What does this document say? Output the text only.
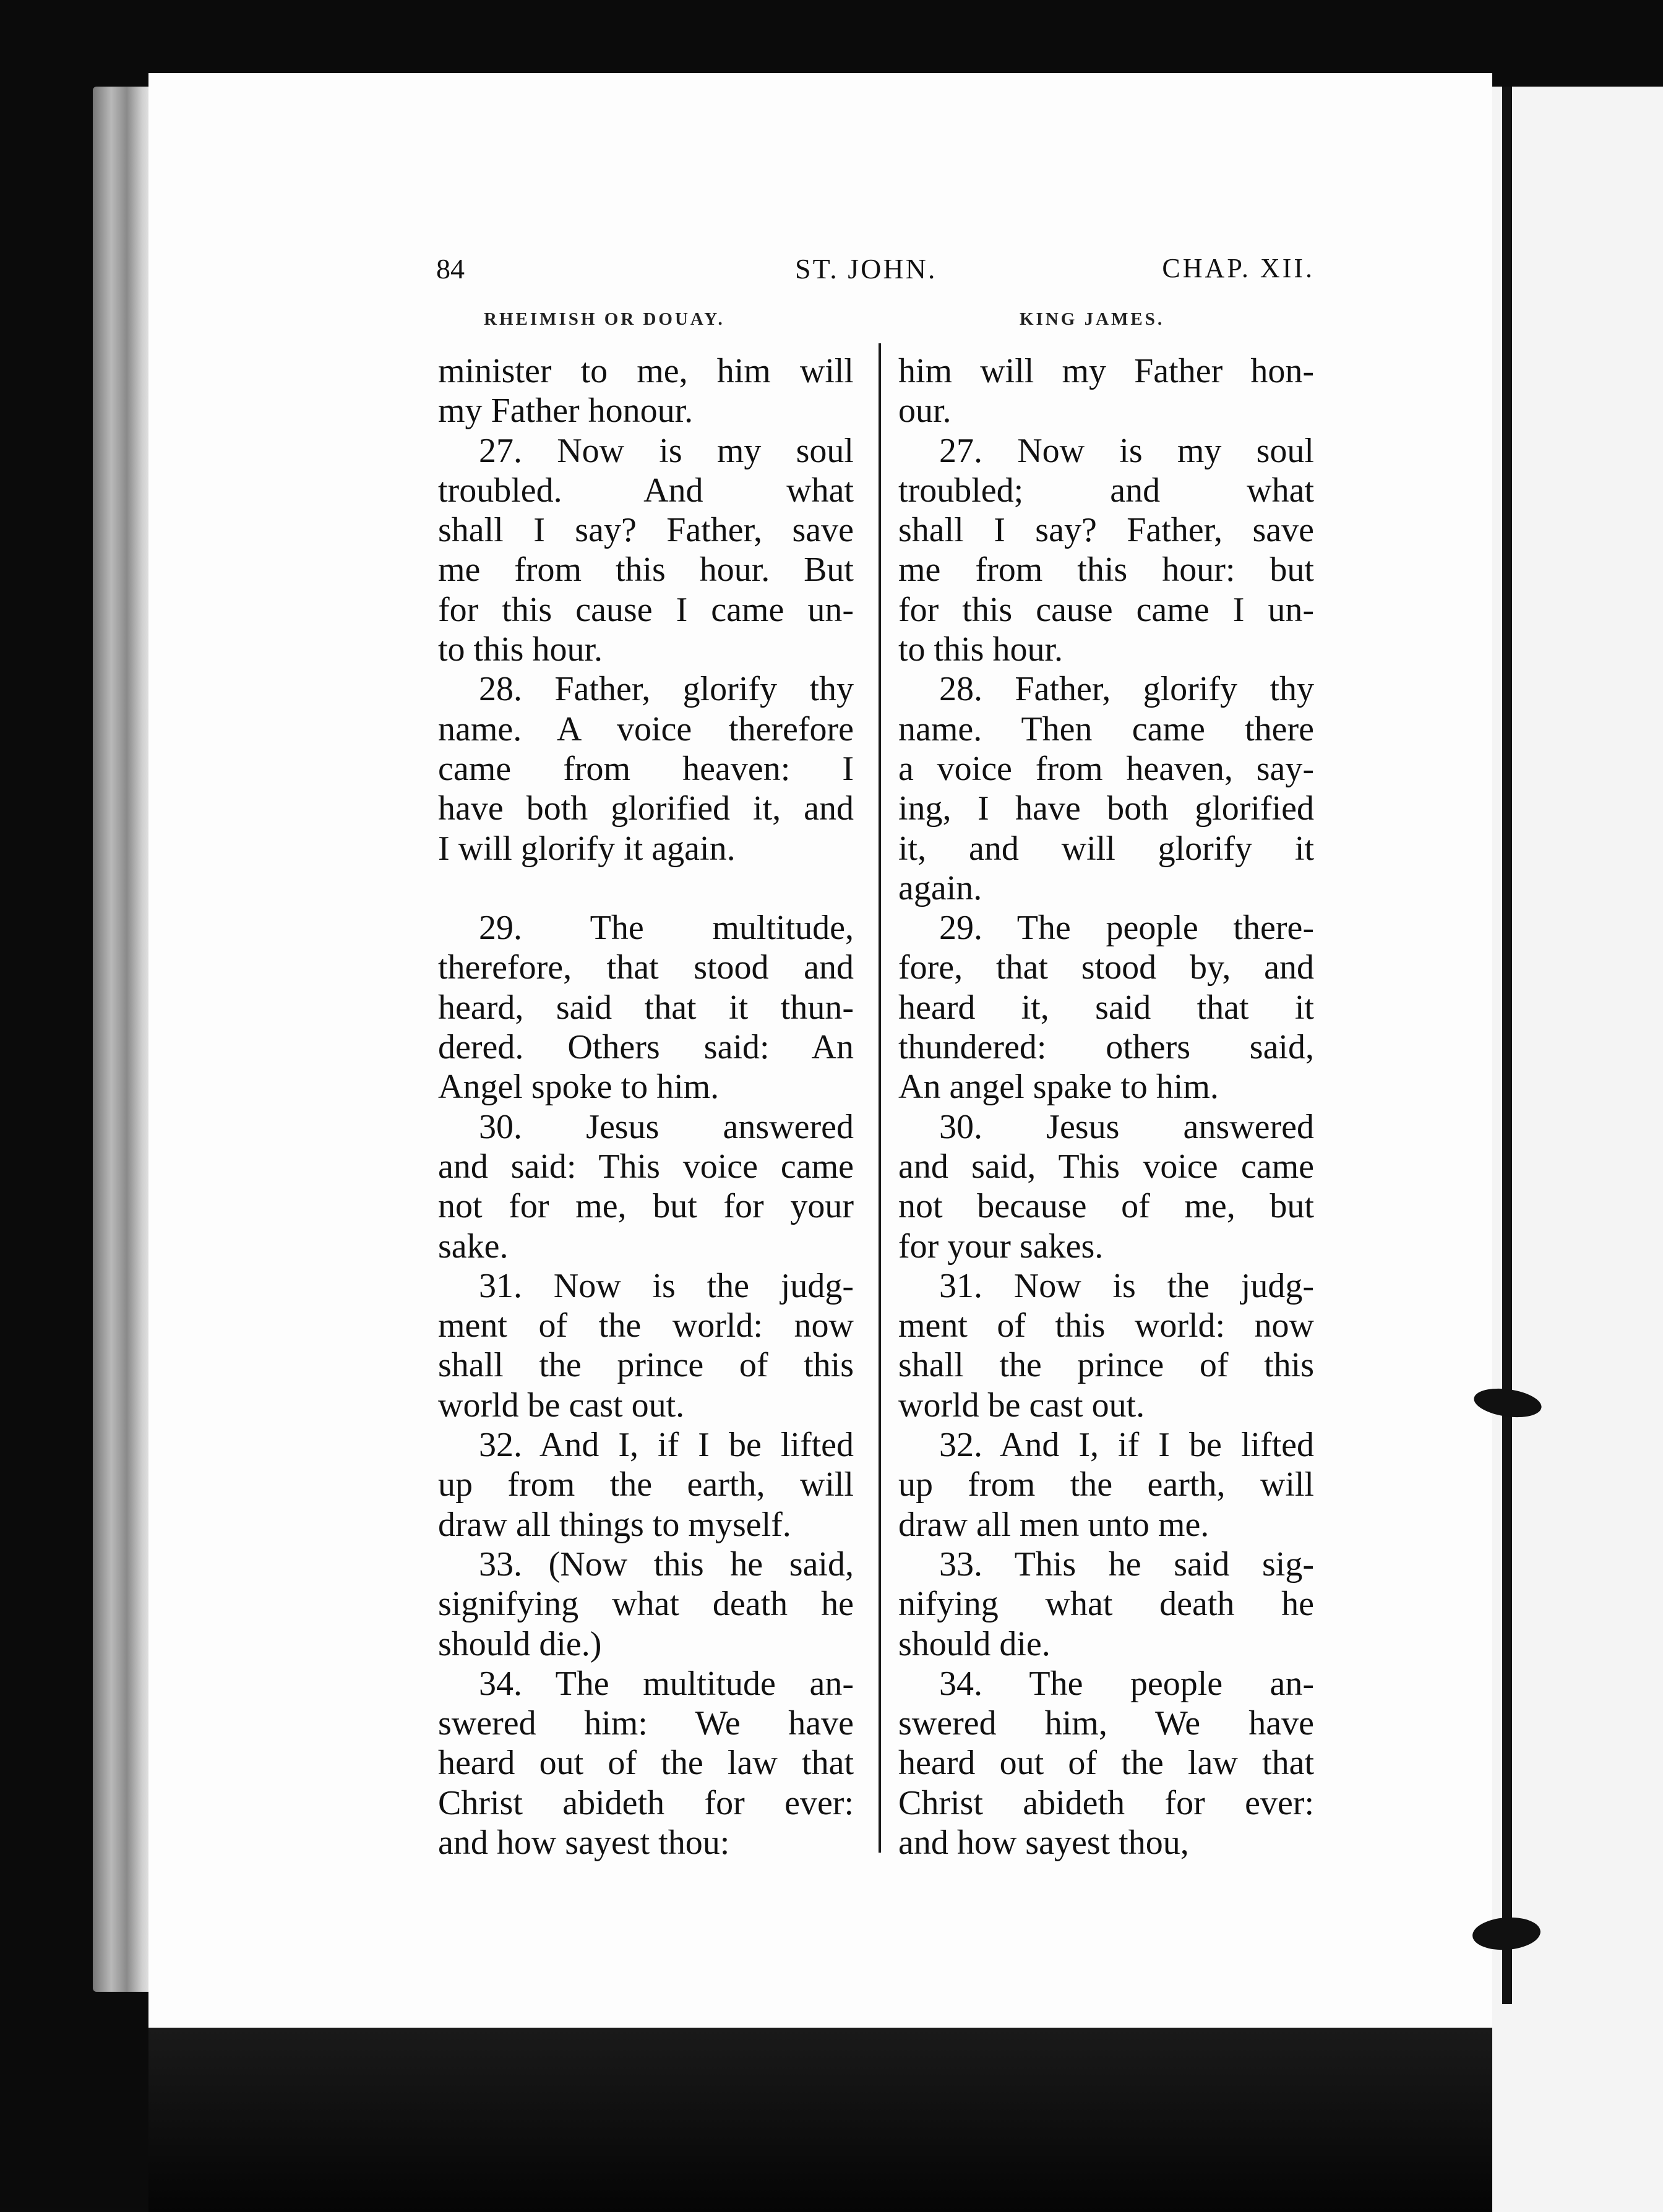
84	ST. JOHN.	CHAP. XII.
RHEIMISH OR DOUAY.	KING JAMES.
minister to me, him will
my Father honour.
27. Now is my soul
troubled. And what
shall I say? Father, save
me from this hour. But
for this cause I came un-
to this hour.
28. Father, glorify thy
name. A voice therefore
came from heaven: I
have both glorified it, and
I will glorify it again.
29. The multitude,
therefore, that stood and
heard, said that it thun-
dered. Others said: An
Angel spoke to him.
30. Jesus answered
and said: This voice came
not for me, but for your
sake.
31. Now is the judg-
ment of the world: now
shall the prince of this
world be cast out.
32. And I, if I be lifted
up from the earth, will
draw all things to myself.
33. (Now this he said,
signifying what death he
should die.)
34. The multitude an-
swered him: We have
heard out of the law that
Christ abideth for ever:
and how sayest thou:
him will my Father hon-
our.
27. Now is my soul
troubled; and what
shall I say? Father, save
me from this hour: but
for this cause came I un-
to this hour.
28. Father, glorify thy
name. Then came there
a voice from heaven, say-
ing, I have both glorified
it, and will glorify it
again.
29. The people there-
fore, that stood by, and
heard it, said that it
thundered: others said,
An angel spake to him.
30. Jesus answered
and said, This voice came
not because of me, but
for your sakes.
31. Now is the judg-
ment of this world: now
shall the prince of this
world be cast out.
32. And I, if I be lifted
up from the earth, will
draw all men unto me.
33. This he said sig-
nifying what death he
should die.
34. The people an-
swered him, We have
heard out of the law that
Christ abideth for ever:
and how sayest thou,
